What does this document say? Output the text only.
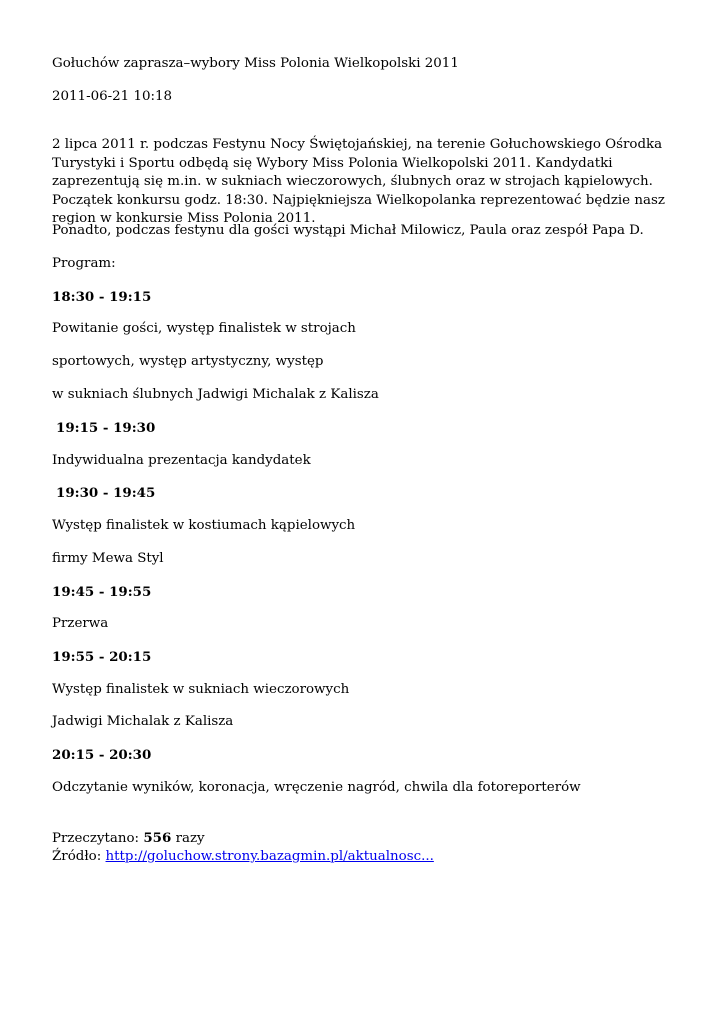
Gołuchów zaprasza–wybory Miss Polonia Wielkopolski 2011
2011-06-21 10:18
2 lipca 2011 r. podczas Festynu Nocy Świętojańskiej, na terenie Gołuchowskiego Ośrodka Turystyki i Sportu odbędą się Wybory Miss Polonia Wielkopolski 2011. Kandydatki zaprezentują się m.in. w sukniach wieczorowych, ślubnych oraz w strojach kąpielowych. Początek konkursu godz. 18:30. Najpiękniejsza Wielkopolanka reprezentować będzie nasz region w konkursie Miss Polonia 2011.
Ponadto, podczas festynu dla gości wystąpi Michał Milowicz, Paula oraz zespół Papa D.
Program:
18:30 - 19:15
Powitanie gości, występ finalistek w strojach
sportowych, występ artystyczny, występ
w sukniach ślubnych Jadwigi Michalak z Kalisza
19:15 - 19:30
Indywidualna prezentacja kandydatek
19:30 - 19:45
Występ finalistek w kostiumach kąpielowych
firmy Mewa Styl
19:45 - 19:55
Przerwa
19:55 - 20:15
Występ finalistek w sukniach wieczorowych
Jadwigi Michalak z Kalisza
20:15 - 20:30
Odczytanie wyników, koronacja, wręczenie nagród, chwila dla fotoreporterów
Przeczytano: 556 razy
Źródło: http://goluchow.strony.bazagmin.pl/aktualnosc...
